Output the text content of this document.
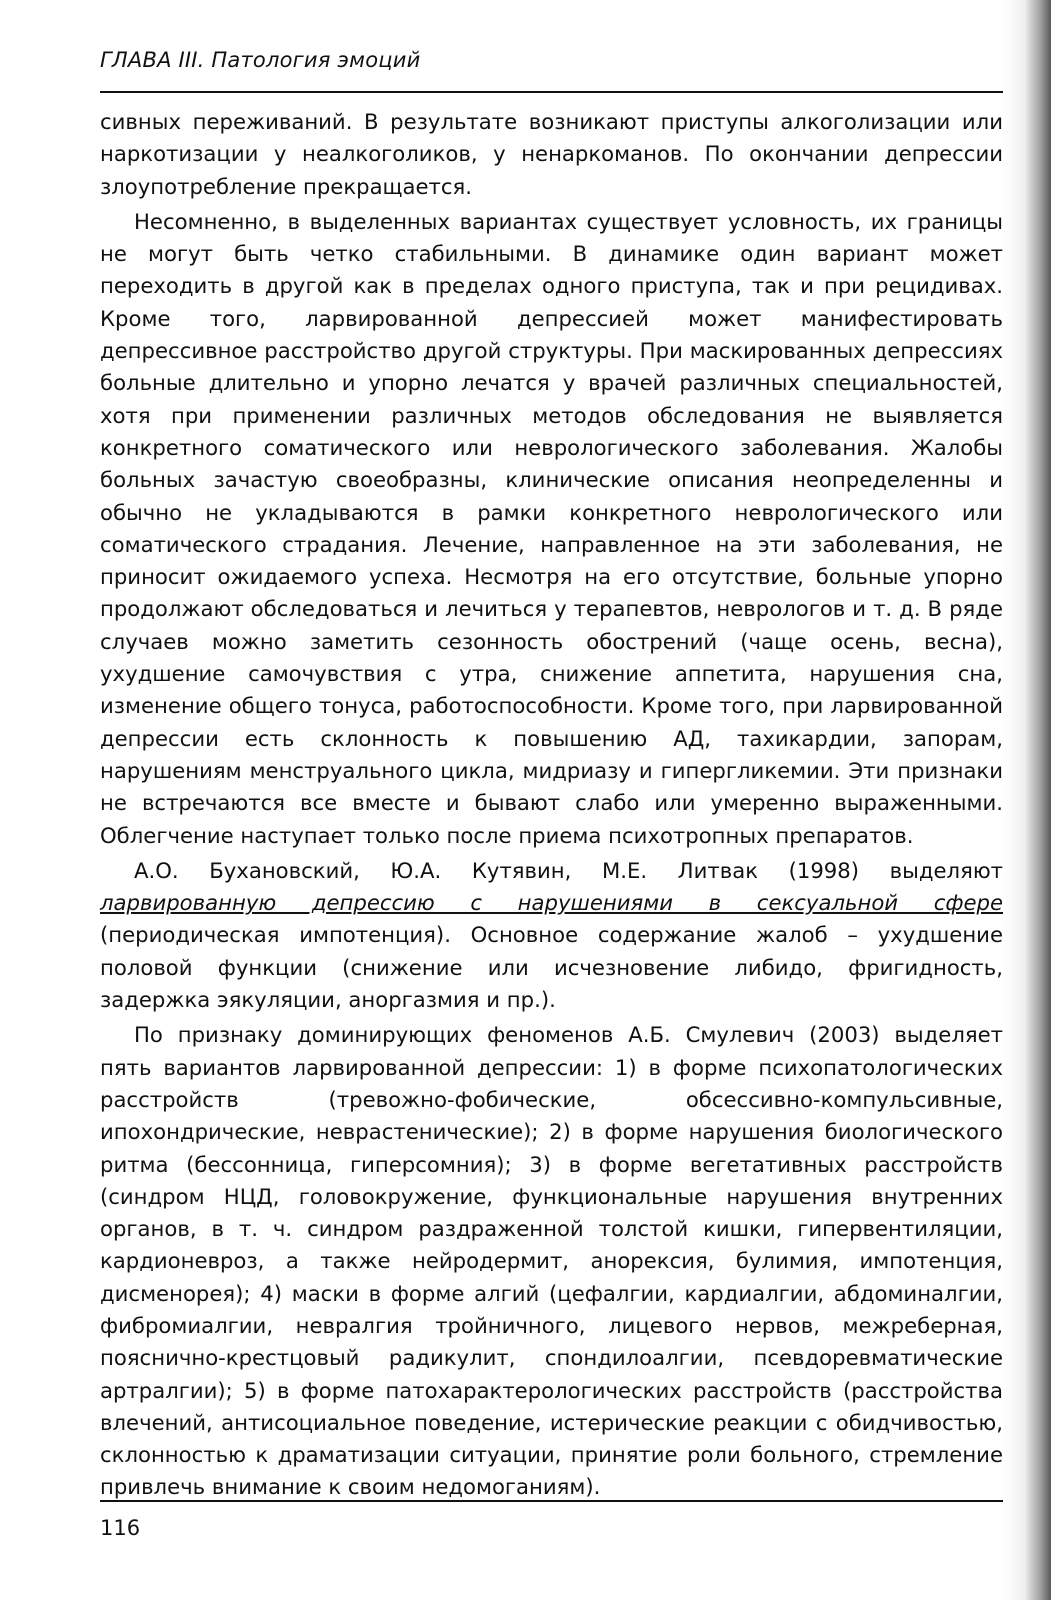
ГЛАВА III. Патология эмоций

сивных переживаний. В результате возникают приступы алкоголизации или наркотизации у неалкоголиков, у ненаркоманов. По окончании депрессии злоупотребление прекращается.

Несомненно, в выделенных вариантах существует условность, их границы не могут быть четко стабильными. В динамике один вариант может переходить в другой как в пределах одного приступа, так и при рецидивах. Кроме того, ларвированной депрессией может манифестировать депрессивное расстройство другой структуры. При маскированных депрессиях больные длительно и упорно лечатся у врачей различных специальностей, хотя при применении различных методов обследования не выявляется конкретного соматического или неврологического заболевания. Жалобы больных зачастую своеобразны, клинические описания неопределенны и обычно не укладываются в рамки конкретного неврологического или соматического страдания. Лечение, направленное на эти заболевания, не приносит ожидаемого успеха. Несмотря на его отсутствие, больные упорно продолжают обследоваться и лечиться у терапевтов, неврологов и т. д. В ряде случаев можно заметить сезонность обострений (чаще осень, весна), ухудшение самочувствия с утра, снижение аппетита, нарушения сна, изменение общего тонуса, работоспособности. Кроме того, при ларвированной депрессии есть склонность к повышению АД, тахикардии, запорам, нарушениям менструального цикла, мидриазу и гипергликемии. Эти признаки не встречаются все вместе и бывают слабо или умеренно выраженными. Облегчение наступает только после приема психотропных препаратов.

А.О. Бухановский, Ю.А. Кутявин, М.Е. Литвак (1998) выделяют ларвированную депрессию с нарушениями в сексуальной сфере (периодическая импотенция). Основное содержание жалоб – ухудшение половой функции (снижение или исчезновение либидо, фригидность, задержка эякуляции, аноргазмия и пр.).

По признаку доминирующих феноменов А.Б. Смулевич (2003) выделяет пять вариантов ларвированной депрессии: 1) в форме психопатологических расстройств (тревожно-фобические, обсессивно-компульсивные, ипохондрические, неврастенические); 2) в форме нарушения биологического ритма (бессонница, гиперсомния); 3) в форме вегетативных расстройств (синдром НЦД, головокружение, функциональные нарушения внутренних органов, в т. ч. синдром раздраженной толстой кишки, гипервентиляции, кардионевроз, а также нейродермит, анорексия, булимия, импотенция, дисменорея); 4) маски в форме алгий (цефалгии, кардиалгии, абдоминалгии, фибромиалгии, невралгия тройничного, лицевого нервов, межреберная, пояснично-крестцовый радикулит, спондилоалгии, псевдоревматические артралгии); 5) в форме патохарактерологических расстройств (расстройства влечений, антисоциальное поведение, истерические реакции с обидчивостью, склонностью к драматизации ситуации, принятие роли больного, стремление привлечь внимание к своим недомоганиям).

116
